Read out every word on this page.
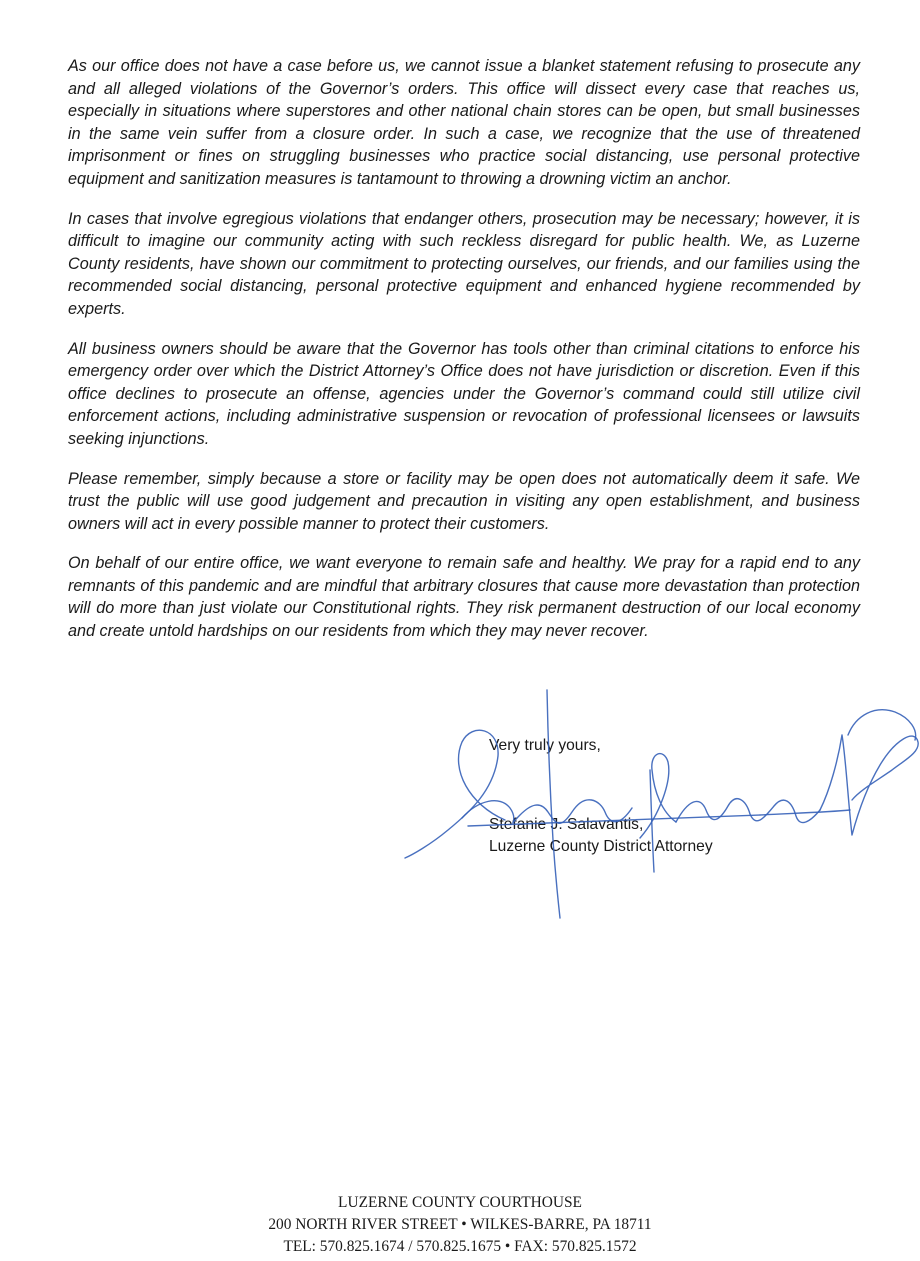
As our office does not have a case before us, we cannot issue a blanket statement refusing to prosecute any and all alleged violations of the Governor’s orders. This office will dissect every case that reaches us, especially in situations where superstores and other national chain stores can be open, but small businesses in the same vein suffer from a closure order. In such a case, we recognize that the use of threatened imprisonment or fines on struggling businesses who practice social distancing, use personal protective equipment and sanitization measures is tantamount to throwing a drowning victim an anchor.

In cases that involve egregious violations that endanger others, prosecution may be necessary; however, it is difficult to imagine our community acting with such reckless disregard for public health. We, as Luzerne County residents, have shown our commitment to protecting ourselves, our friends, and our families using the recommended social distancing, personal protective equipment and enhanced hygiene recommended by experts.

All business owners should be aware that the Governor has tools other than criminal citations to enforce his emergency order over which the District Attorney’s Office does not have jurisdiction or discretion. Even if this office declines to prosecute an offense, agencies under the Governor’s command could still utilize civil enforcement actions, including administrative suspension or revocation of professional licensees or lawsuits seeking injunctions.

Please remember, simply because a store or facility may be open does not automatically deem it safe. We trust the public will use good judgement and precaution in visiting any open establishment, and business owners will act in every possible manner to protect their customers.

On behalf of our entire office, we want everyone to remain safe and healthy. We pray for a rapid end to any remnants of this pandemic and are mindful that arbitrary closures that cause more devastation than protection will do more than just violate our Constitutional rights. They risk permanent destruction of our local economy and create untold hardships on our residents from which they may never recover.

Very truly yours,
Stefanie J. Salavantis,
Luzerne County District Attorney
LUZERNE COUNTY COURTHOUSE
200 NORTH RIVER STREET • WILKES-BARRE, PA 18711
TEL: 570.825.1674 / 570.825.1675 • FAX: 570.825.1572
